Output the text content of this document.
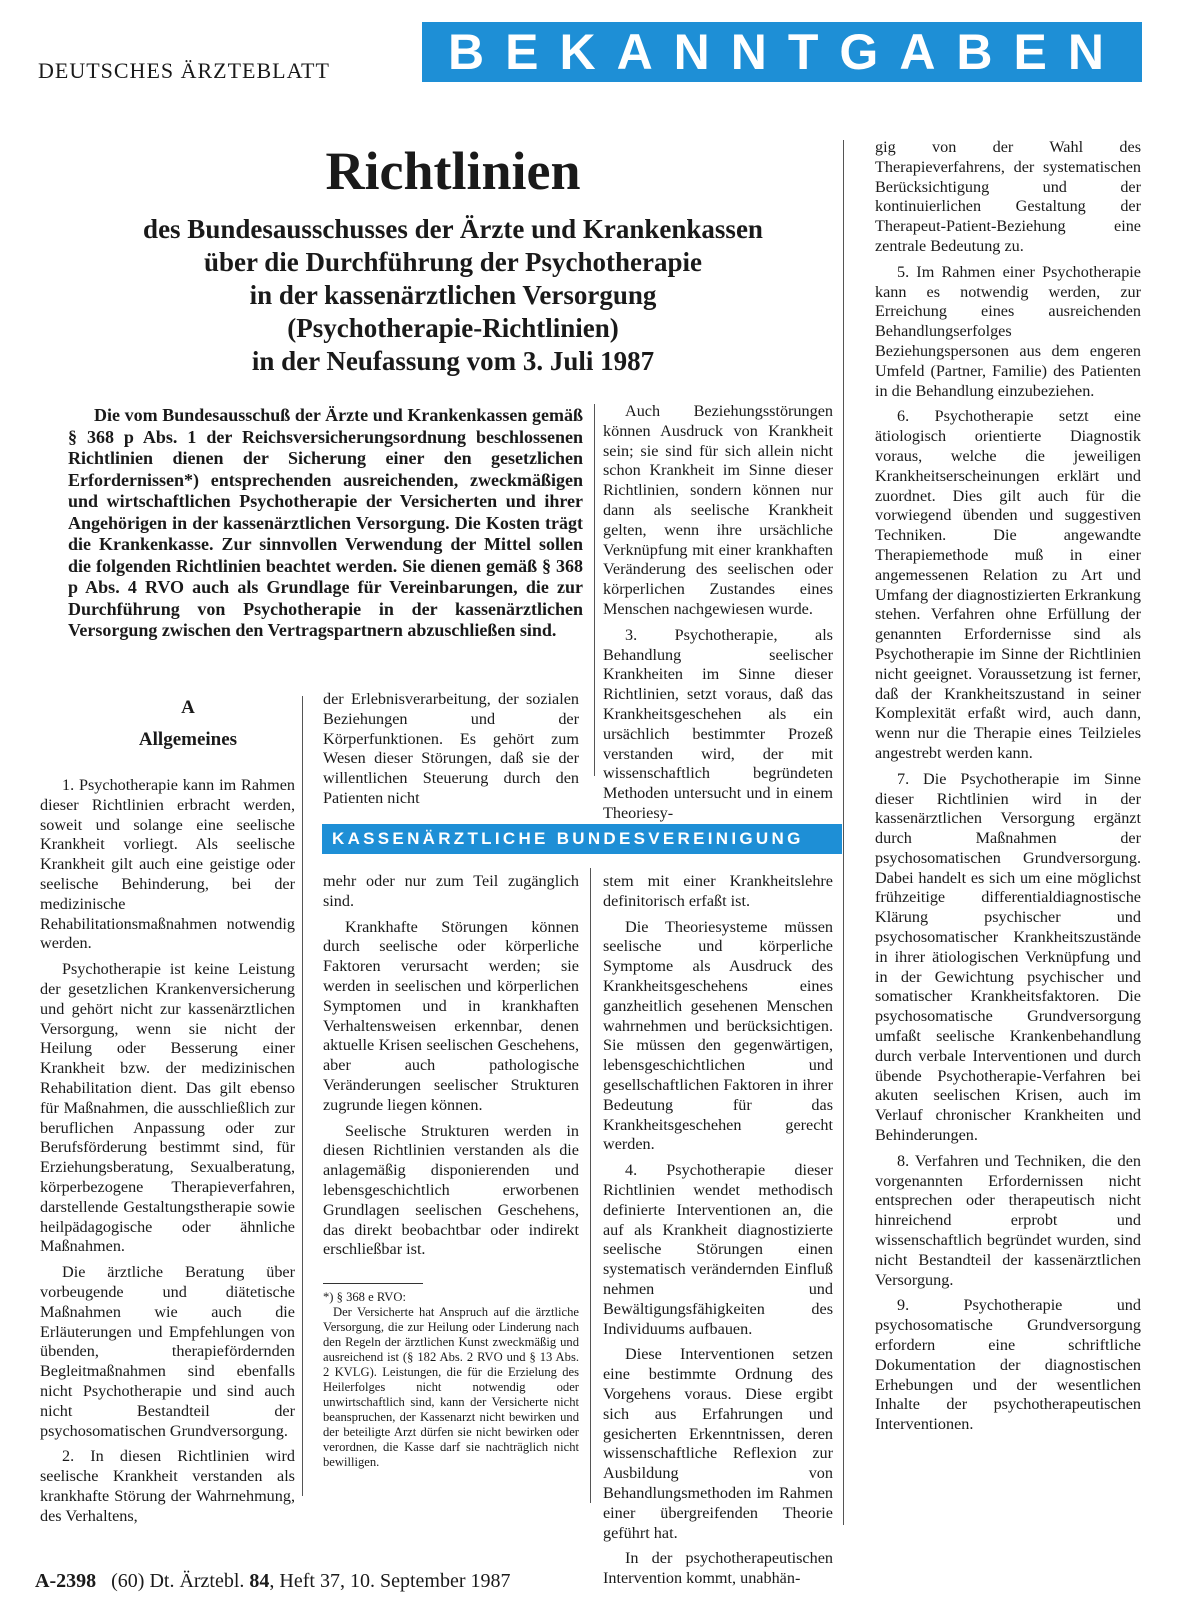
DEUTSCHES ÄRZTEBLATT	BEKANNTGABEN
Richtlinien
des Bundesausschusses der Ärzte und Krankenkassen
über die Durchführung der Psychotherapie
in der kassenärztlichen Versorgung
(Psychotherapie-Richtlinien)
in der Neufassung vom 3. Juli 1987
Die vom Bundesausschuß der Ärzte und Krankenkassen gemäß § 368 p Abs. 1 der Reichsversicherungsordnung beschlossenen Richtlinien dienen der Sicherung einer den gesetzlichen Erfordernissen*) entsprechenden ausreichenden, zweckmäßigen und wirtschaftlichen Psychotherapie der Versicherten und ihrer Angehörigen in der kassenärztlichen Versorgung. Die Kosten trägt die Krankenkasse. Zur sinnvollen Verwendung der Mittel sollen die folgenden Richtlinien beachtet werden. Sie dienen gemäß § 368 p Abs. 4 RVO auch als Grundlage für Vereinbarungen, die zur Durchführung von Psychotherapie in der kassenärztlichen Versorgung zwischen den Vertragspartnern abzuschließen sind.
A
Allgemeines

1. Psychotherapie kann im Rahmen dieser Richtlinien erbracht werden, soweit und solange eine seelische Krankheit vorliegt. Als seelische Krankheit gilt auch eine geistige oder seelische Behinderung, bei der medizinische Rehabilitationsmaßnahmen notwendig werden.

Psychotherapie ist keine Leistung der gesetzlichen Krankenversicherung und gehört nicht zur kassenärztlichen Versorgung, wenn sie nicht der Heilung oder Besserung einer Krankheit bzw. der medizinischen Rehabilitation dient. Das gilt ebenso für Maßnahmen, die ausschließlich zur beruflichen Anpassung oder zur Berufsförderung bestimmt sind, für Erziehungsberatung, Sexualberatung, körperbezogene Therapieverfahren, darstellende Gestaltungstherapie sowie heilpädagogische oder ähnliche Maßnahmen.

Die ärztliche Beratung über vorbeugende und diätetische Maßnahmen wie auch die Erläuterungen und Empfehlungen von übenden, therapiefördernden Begleitmaßnahmen sind ebenfalls nicht Psychotherapie und sind auch nicht Bestandteil der psychosomatischen Grundversorgung.

2. In diesen Richtlinien wird seelische Krankheit verstanden als krankhafte Störung der Wahrnehmung, des Verhaltens,

der Erlebnisverarbeitung, der sozialen Beziehungen und der Körperfunktionen. Es gehört zum Wesen dieser Störungen, daß sie der willentlichen Steuerung durch den Patienten nicht

KASSENÄRZTLICHE BUNDESVEREINIGUNG

mehr oder nur zum Teil zugänglich sind.

Krankhafte Störungen können durch seelische oder körperliche Faktoren verursacht werden; sie werden in seelischen und körperlichen Symptomen und in krankhaften Verhaltensweisen erkennbar, denen aktuelle Krisen seelischen Geschehens, aber auch pathologische Veränderungen seelischer Strukturen zugrunde liegen können.

Seelische Strukturen werden in diesen Richtlinien verstanden als die anlagemäßig disponierenden und lebensgeschichtlich erworbenen Grundlagen seelischen Geschehens, das direkt beobachtbar oder indirekt erschließbar ist.

*) § 368 e RVO:

Der Versicherte hat Anspruch auf die ärztliche Versorgung, die zur Heilung oder Linderung nach den Regeln der ärztlichen Kunst zweckmäßig und ausreichend ist (§ 182 Abs. 2 RVO und § 13 Abs. 2 KVLG). Leistungen, die für die Erzielung des Heilerfolges nicht notwendig oder unwirtschaftlich sind, kann der Versicherte nicht beanspruchen, der Kassenarzt nicht bewirken und der beteiligte Arzt dürfen sie nicht bewirken oder verordnen, die Kasse darf sie nachträglich nicht bewilligen.

Auch Beziehungsstörungen können Ausdruck von Krankheit sein; sie sind für sich allein nicht schon Krankheit im Sinne dieser Richtlinien, sondern können nur dann als seelische Krankheit gelten, wenn ihre ursächliche Verknüpfung mit einer krankhaften Veränderung des seelischen oder körperlichen Zustandes eines Menschen nachgewiesen wurde.

3. Psychotherapie, als Behandlung seelischer Krankheiten im Sinne dieser Richtlinien, setzt voraus, daß das Krankheitsgeschehen als ein ursächlich bestimmter Prozeß verstanden wird, der mit wissenschaftlich begründeten Methoden untersucht und in einem Theoriesy-

stem mit einer Krankheitslehre definitorisch erfaßt ist.

Die Theoriesysteme müssen seelische und körperliche Symptome als Ausdruck des Krankheitsgeschehens eines ganzheitlich gesehenen Menschen wahrnehmen und berücksichtigen. Sie müssen den gegenwärtigen, lebensgeschichtlichen und gesellschaftlichen Faktoren in ihrer Bedeutung für das Krankheitsgeschehen gerecht werden.

4. Psychotherapie dieser Richtlinien wendet methodisch definierte Interventionen an, die auf als Krankheit diagnostizierte seelische Störungen einen systematisch verändernden Einfluß nehmen und Bewältigungsfähigkeiten des Individuums aufbauen.

Diese Interventionen setzen eine bestimmte Ordnung des Vorgehens voraus. Diese ergibt sich aus Erfahrungen und gesicherten Erkenntnissen, deren wissenschaftliche Reflexion zur Ausbildung von Behandlungsmethoden im Rahmen einer übergreifenden Theorie geführt hat.

In der psychotherapeutischen Intervention kommt, unabhän-

gig von der Wahl des Therapieverfahrens, der systematischen Berücksichtigung und der kontinuierlichen Gestaltung der Therapeut-Patient-Beziehung eine zentrale Bedeutung zu.

5. Im Rahmen einer Psychotherapie kann es notwendig werden, zur Erreichung eines ausreichenden Behandlungserfolges Beziehungspersonen aus dem engeren Umfeld (Partner, Familie) des Patienten in die Behandlung einzubeziehen.

6. Psychotherapie setzt eine ätiologisch orientierte Diagnostik voraus, welche die jeweiligen Krankheitserscheinungen erklärt und zuordnet. Dies gilt auch für die vorwiegend übenden und suggestiven Techniken. Die angewandte Therapiemethode muß in einer angemessenen Relation zu Art und Umfang der diagnostizierten Erkrankung stehen. Verfahren ohne Erfüllung der genannten Erfordernisse sind als Psychotherapie im Sinne der Richtlinien nicht geeignet. Voraussetzung ist ferner, daß der Krankheitszustand in seiner Komplexität erfaßt wird, auch dann, wenn nur die Therapie eines Teilzieles angestrebt werden kann.

7. Die Psychotherapie im Sinne dieser Richtlinien wird in der kassenärztlichen Versorgung ergänzt durch Maßnahmen der psychosomatischen Grundversorgung. Dabei handelt es sich um eine möglichst frühzeitige differentialdiagnostische Klärung psychischer und psychosomatischer Krankheitszustände in ihrer ätiologischen Verknüpfung und in der Gewichtung psychischer und somatischer Krankheitsfaktoren. Die psychosomatische Grundversorgung umfaßt seelische Krankenbehandlung durch verbale Interventionen und durch übende Psychotherapie-Verfahren bei akuten seelischen Krisen, auch im Verlauf chronischer Krankheiten und Behinderungen.

8. Verfahren und Techniken, die den vorgenannten Erfordernissen nicht entsprechen oder therapeutisch nicht hinreichend erprobt und wissenschaftlich begründet wurden, sind nicht Bestandteil der kassenärztlichen Versorgung.

9. Psychotherapie und psychosomatische Grundversorgung erfordern eine schriftliche Dokumentation der diagnostischen Erhebungen und der wesentlichen Inhalte der psychotherapeutischen Interventionen.

A-2398 (60) Dt. Ärztebl. 84, Heft 37, 10. September 1987
